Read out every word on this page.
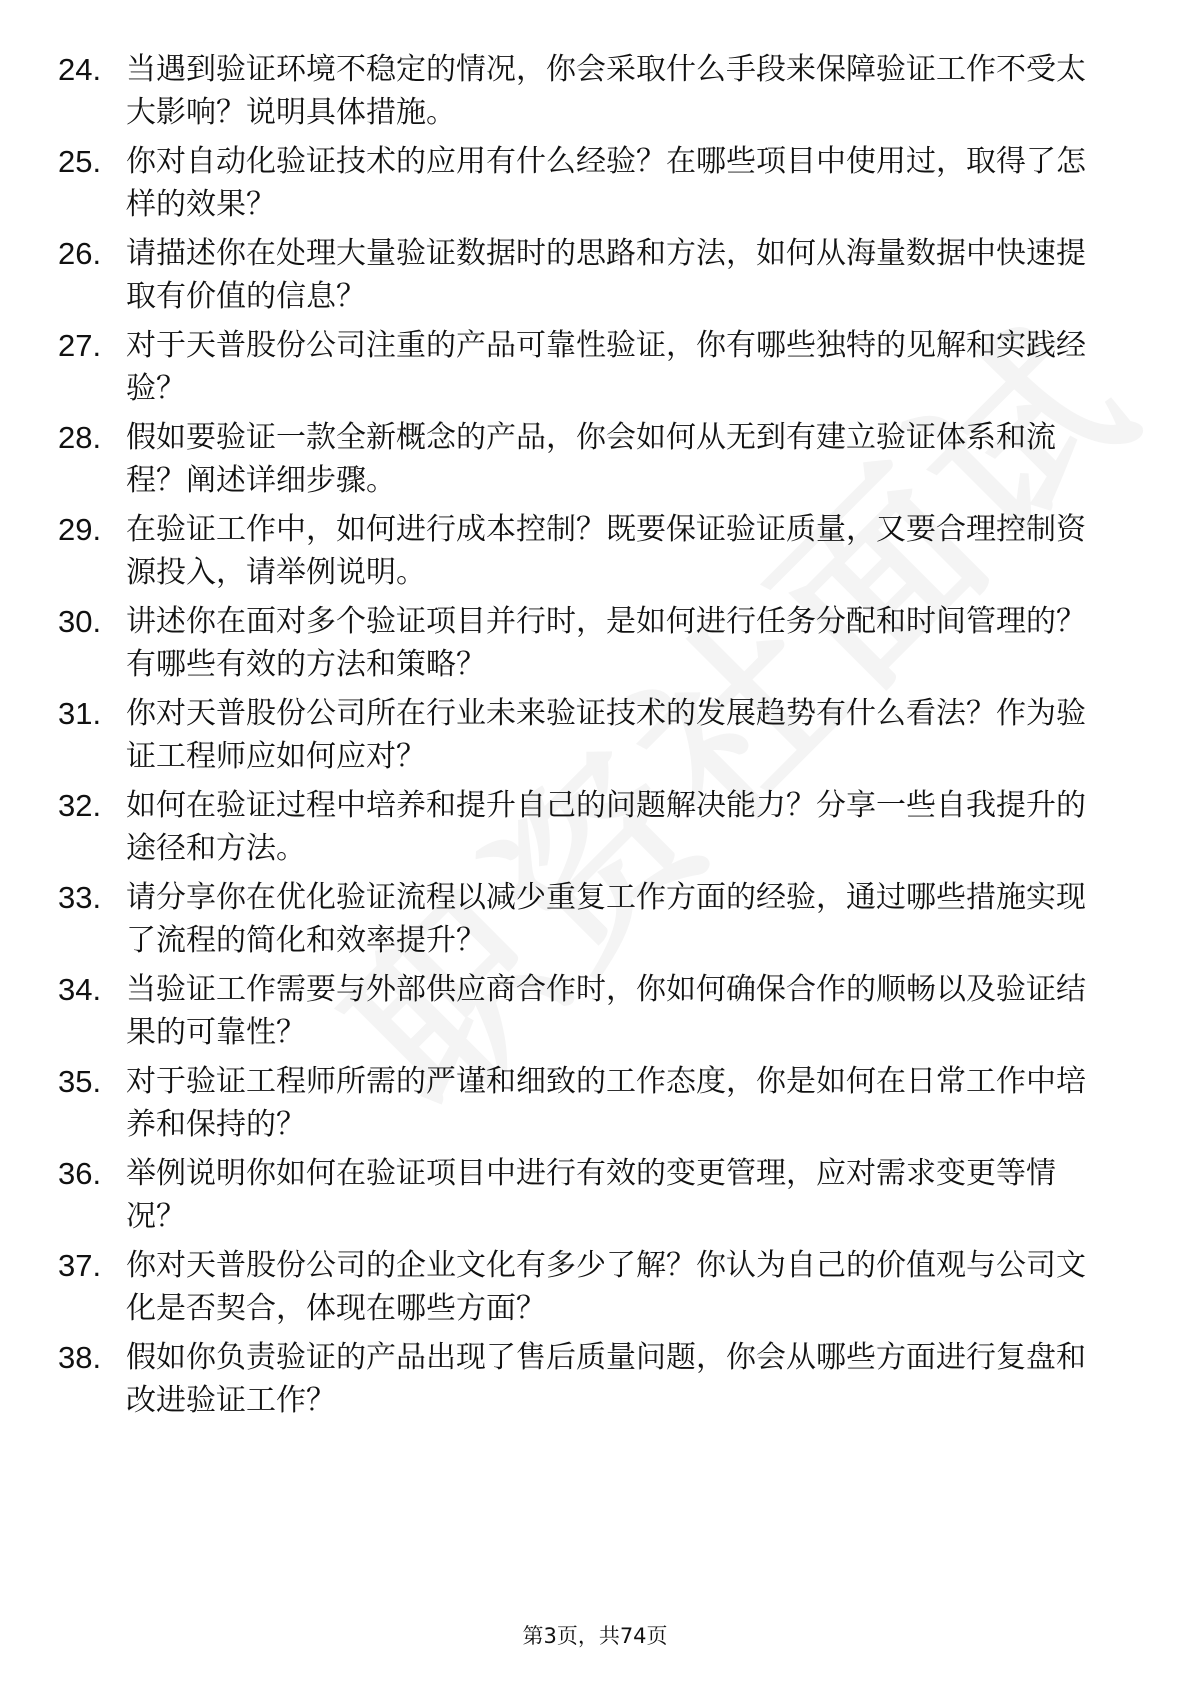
24. 当遇到验证环境不稳定的情况，你会采取什么手段来保障验证工作不受太大影响？说明具体措施。
25. 你对自动化验证技术的应用有什么经验？在哪些项目中使用过，取得了怎样的效果？
26. 请描述你在处理大量验证数据时的思路和方法，如何从海量数据中快速提取有价值的信息？
27. 对于天普股份公司注重的产品可靠性验证，你有哪些独特的见解和实践经验？
28. 假如要验证一款全新概念的产品，你会如何从无到有建立验证体系和流程？阐述详细步骤。
29. 在验证工作中，如何进行成本控制？既要保证验证质量，又要合理控制资源投入，请举例说明。
30. 讲述你在面对多个验证项目并行时，是如何进行任务分配和时间管理的？有哪些有效的方法和策略？
31. 你对天普股份公司所在行业未来验证技术的发展趋势有什么看法？作为验证工程师应如何应对？
32. 如何在验证过程中培养和提升自己的问题解决能力？分享一些自我提升的途径和方法。
33. 请分享你在优化验证流程以减少重复工作方面的经验，通过哪些措施实现了流程的简化和效率提升？
34. 当验证工作需要与外部供应商合作时，你如何确保合作的顺畅以及验证结果的可靠性？
35. 对于验证工程师所需的严谨和细致的工作态度，你是如何在日常工作中培养和保持的？
36. 举例说明你如何在验证项目中进行有效的变更管理，应对需求变更等情况？
37. 你对天普股份公司的企业文化有多少了解？你认为自己的价值观与公司文化是否契合，体现在哪些方面？
38. 假如你负责验证的产品出现了售后质量问题，你会从哪些方面进行复盘和改进验证工作？
第3页，共74页
